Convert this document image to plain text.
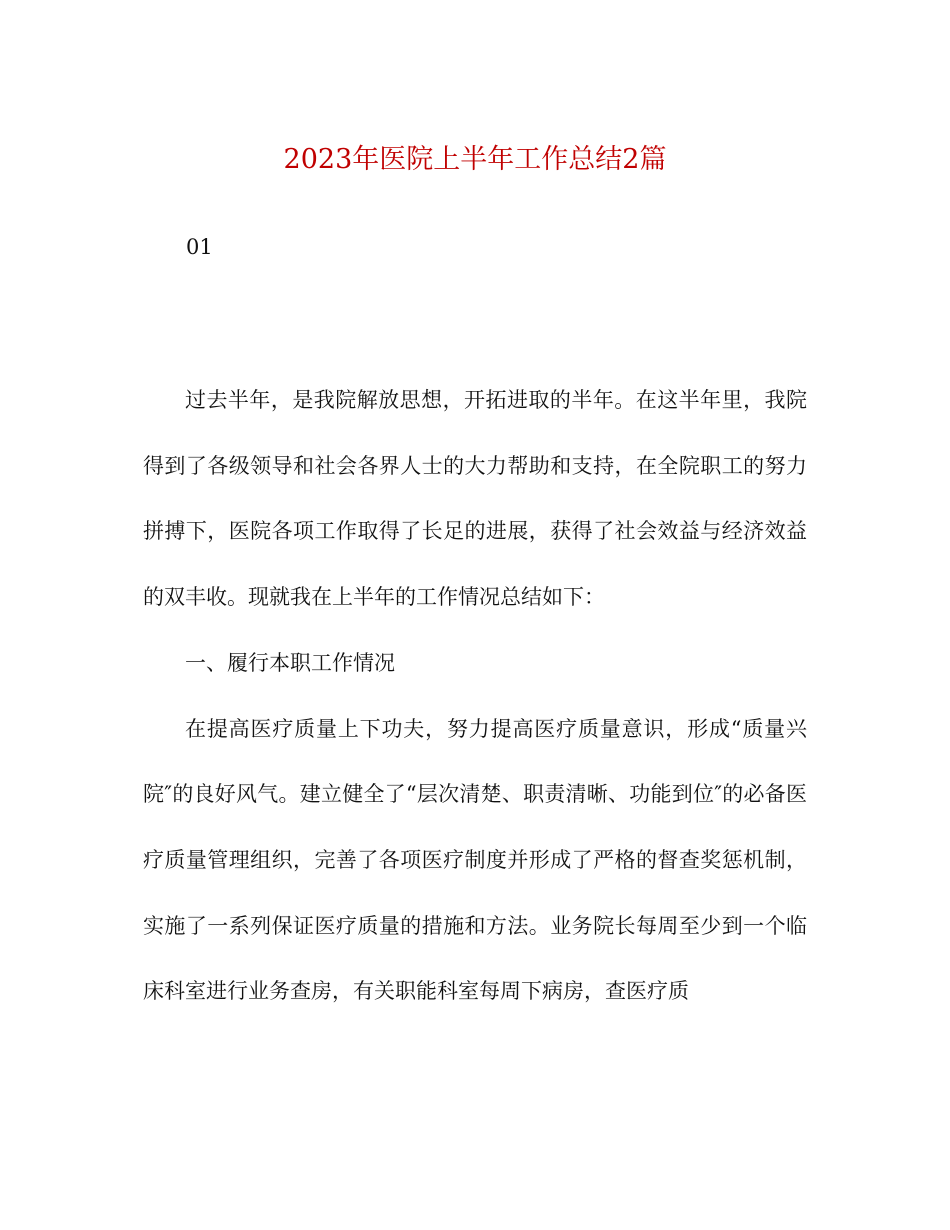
2023年医院上半年工作总结2篇
01

过去半年，是我院解放思想，开拓进取的半年。在这半年里，我院得到了各级领导和社会各界人士的大力帮助和支持，在全院职工的努力拼搏下，医院各项工作取得了长足的进展，获得了社会效益与经济效益的双丰收。现就我在上半年的工作情况总结如下：

一、履行本职工作情况

在提高医疗质量上下功夫，努力提高医疗质量意识，形成“质量兴院″的良好风气。建立健全了“层次清楚、职责清晰、功能到位″的必备医疗质量管理组织，完善了各项医疗制度并形成了严格的督查奖惩机制，实施了一系列保证医疗质量的措施和方法。业务院长每周至少到一个临床科室进行业务查房，有关职能科室每周下病房，查医疗质
